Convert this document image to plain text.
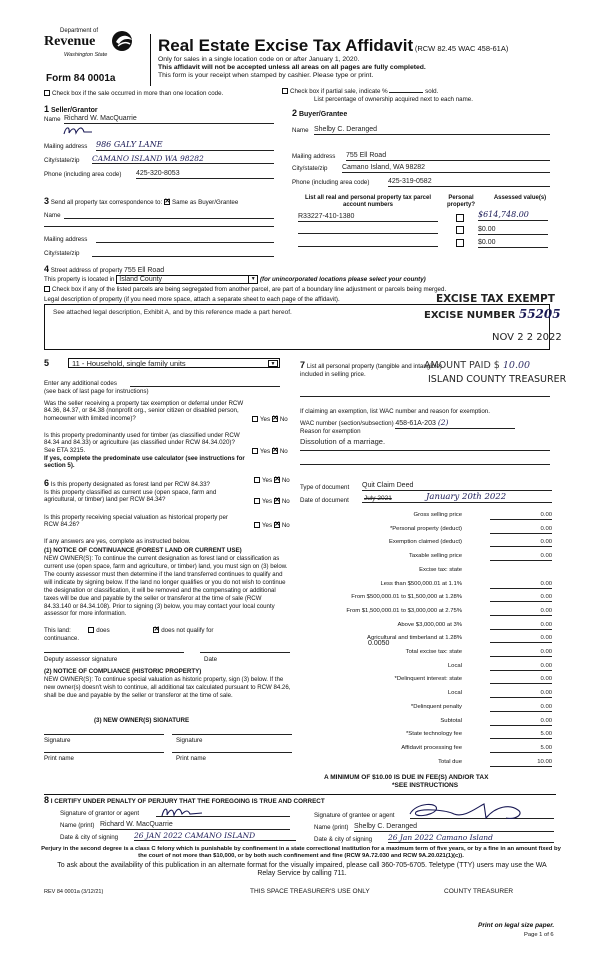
Department of
Revenue
Washington State
Form 84 0001a
Real Estate Excise Tax Affidavit (RCW 82.45 WAC 458-61A)
Only for sales in a single location code on or after January 1, 2020.
This affidavit will not be accepted unless all areas on all pages are fully completed.
This form is your receipt when stamped by cashier. Please type or print.
Check box if the sale occurred in more than one location code.	Check box if partial sale, indicate %	sold.
List percentage of ownership acquired next to each name.
1 Seller/Grantor
Name Richard W. MacQuarrie
Mailing address 986 GALY LANE
City/state/zip CAMANO ISLAND WA 98282
Phone (including area code) 425-320-8053
2 Buyer/Grantee
Name Shelby C. Deranged
Mailing address 755 Ell Road
City/state/zip Camano Island, WA 98282
Phone (including area code)	425-319-0582
3 Send all property tax correspondence to: ✕ Same as Buyer/Grantee
Name
Mailing address
City/state/zip
List all real and personal property tax parcel account numbers
Personal property?
Assessed value(s)
R33227-410-1380	$614,748.00
$0.00
$0.00
4 Street address of property 755 Ell Road
This property is located in Island County	▼ (for unincorporated locations please select your county)
Check box if any of the listed parcels are being segregated from another parcel, are part of a boundary line adjustment or parcels being merged.
Legal description of property (if you need more space, attach a separate sheet to each page of the affidavit).
See attached legal description, Exhibit A, and by this reference made a part hereof.
EXCISE TAX EXEMPT
EXCISE NUMBER 55205
NOV 2 2 2022
5	11 - Household, single family units	▼
Enter any additional codes
(see back of last page for instructions)
Was the seller receiving a property tax exemption or deferral under RCW 84.36, 84.37, or 84.38 (nonprofit org., senior citizen or disabled person, homeowner with limited income)?	Yes ✕ No
Is this property predominantly used for timber (as classified under RCW 84.34 and 84.33) or agriculture (as classified under RCW 84.34.020)? See ETA 3215.	Yes ✕ No
If yes, complete the predominate use calculator (see instructions for section 5).
6 Is this property designated as forest land per RCW 84.33?
Yes ✕ No
Is this property classified as current use (open space, farm and agricultural, or timber) land per RCW 84.34?	Yes ✕ No
Is this property receiving special valuation as historical property per RCW 84.26?	Yes ✕ No
If any answers are yes, complete as instructed below.
(1) NOTICE OF CONTINUANCE (FOREST LAND OR CURRENT USE)
NEW OWNER(S): To continue the current designation as forest land or classification as current use (open space, farm and agriculture, or timber) land, you must sign on (3) below. The county assessor must then determine if the land transferred continues to qualify and will indicate by signing below. If the land no longer qualifies or you do not wish to continue the designation or classification, it will be removed and the compensating or additional taxes will be due and payable by the seller or transferor at the time of sale (RCW 84.33.140 or 84.34.108). Prior to signing (3) below, you may contact your local county assessor for more information.
This land:	does ✕	does not qualify for
continuance.
Deputy assessor signature	Date
(2) NOTICE OF COMPLIANCE (HISTORIC PROPERTY)
NEW OWNER(S): To continue special valuation as historic property, sign (3) below. If the new owner(s) doesn't wish to continue, all additional tax calculated pursuant to RCW 84.26, shall be due and payable by the seller or transferor at the time of sale.
(3) NEW OWNER(S) SIGNATURE
Signature	Signature
Print name	Print name
7 List all personal property (tangible and intangible) included in selling price.
AMOUNT PAID $ 10.00
ISLAND COUNTY TREASURER
If claiming an exemption, list WAC number and reason for exemption.
WAC number (section/subsection) 458-61A-203 (2)
Reason for exemption
Dissolution of a marriage.
Type of document Quit Claim Deed
Date of document July 2021	January 20th 2022
Gross selling price	0.00
*Personal property (deduct)	0.00
Exemption claimed (deduct)	0.00
Taxable selling price	0.00
Excise tax: state
Less than $500,000.01 at 1.1%	0.00
From $500,000.01 to $1,500,000 at 1.28%	0.00
From $1,500,000.01 to $3,000,000 at 2.75%	0.00
Above $3,000,000 at 3%	0.00
Agricultural and timberland at 1.28%	0.00
Total excise tax: state	0.00
Local	0.00
*Delinquent interest: state	0.00
Local	0.00
*Delinquent penalty	0.00
Subtotal	0.00
*State technology fee	5.00
Affidavit processing fee	5.00
Total due	10.00
0.0050
A MINIMUM OF $10.00 IS DUE IN FEE(S) AND/OR TAX
*SEE INSTRUCTIONS
8 I CERTIFY UNDER PENALTY OF PERJURY THAT THE FOREGOING IS TRUE AND CORRECT
Signature of grantor or agent
Name (print) Richard W. MacQuarrie
Date & city of signing 26 JAN 2022 CAMANO ISLAND
Signature of grantee or agent
Name (print) Shelby C. Deranged
Date & city of signing 26 Jan 2022 Camano Island
Perjury in the second degree is a class C felony which is punishable by confinement in a state correctional institution for a maximum term of five years, or by a fine in an amount fixed by the court of not more than $10,000, or by both such confinement and fine (RCW 9A.72.030 and RCW 9A.20.021(1)(c)).
To ask about the availability of this publication in an alternate format for the visually impaired, please call 360-705-6705. Teletype (TTY) users may use the WA Relay Service by calling 711.
REV 84 0001a (3/12/21)	THIS SPACE TREASURER'S USE ONLY	COUNTY TREASURER
Print on legal size paper.
Page 1 of 6
